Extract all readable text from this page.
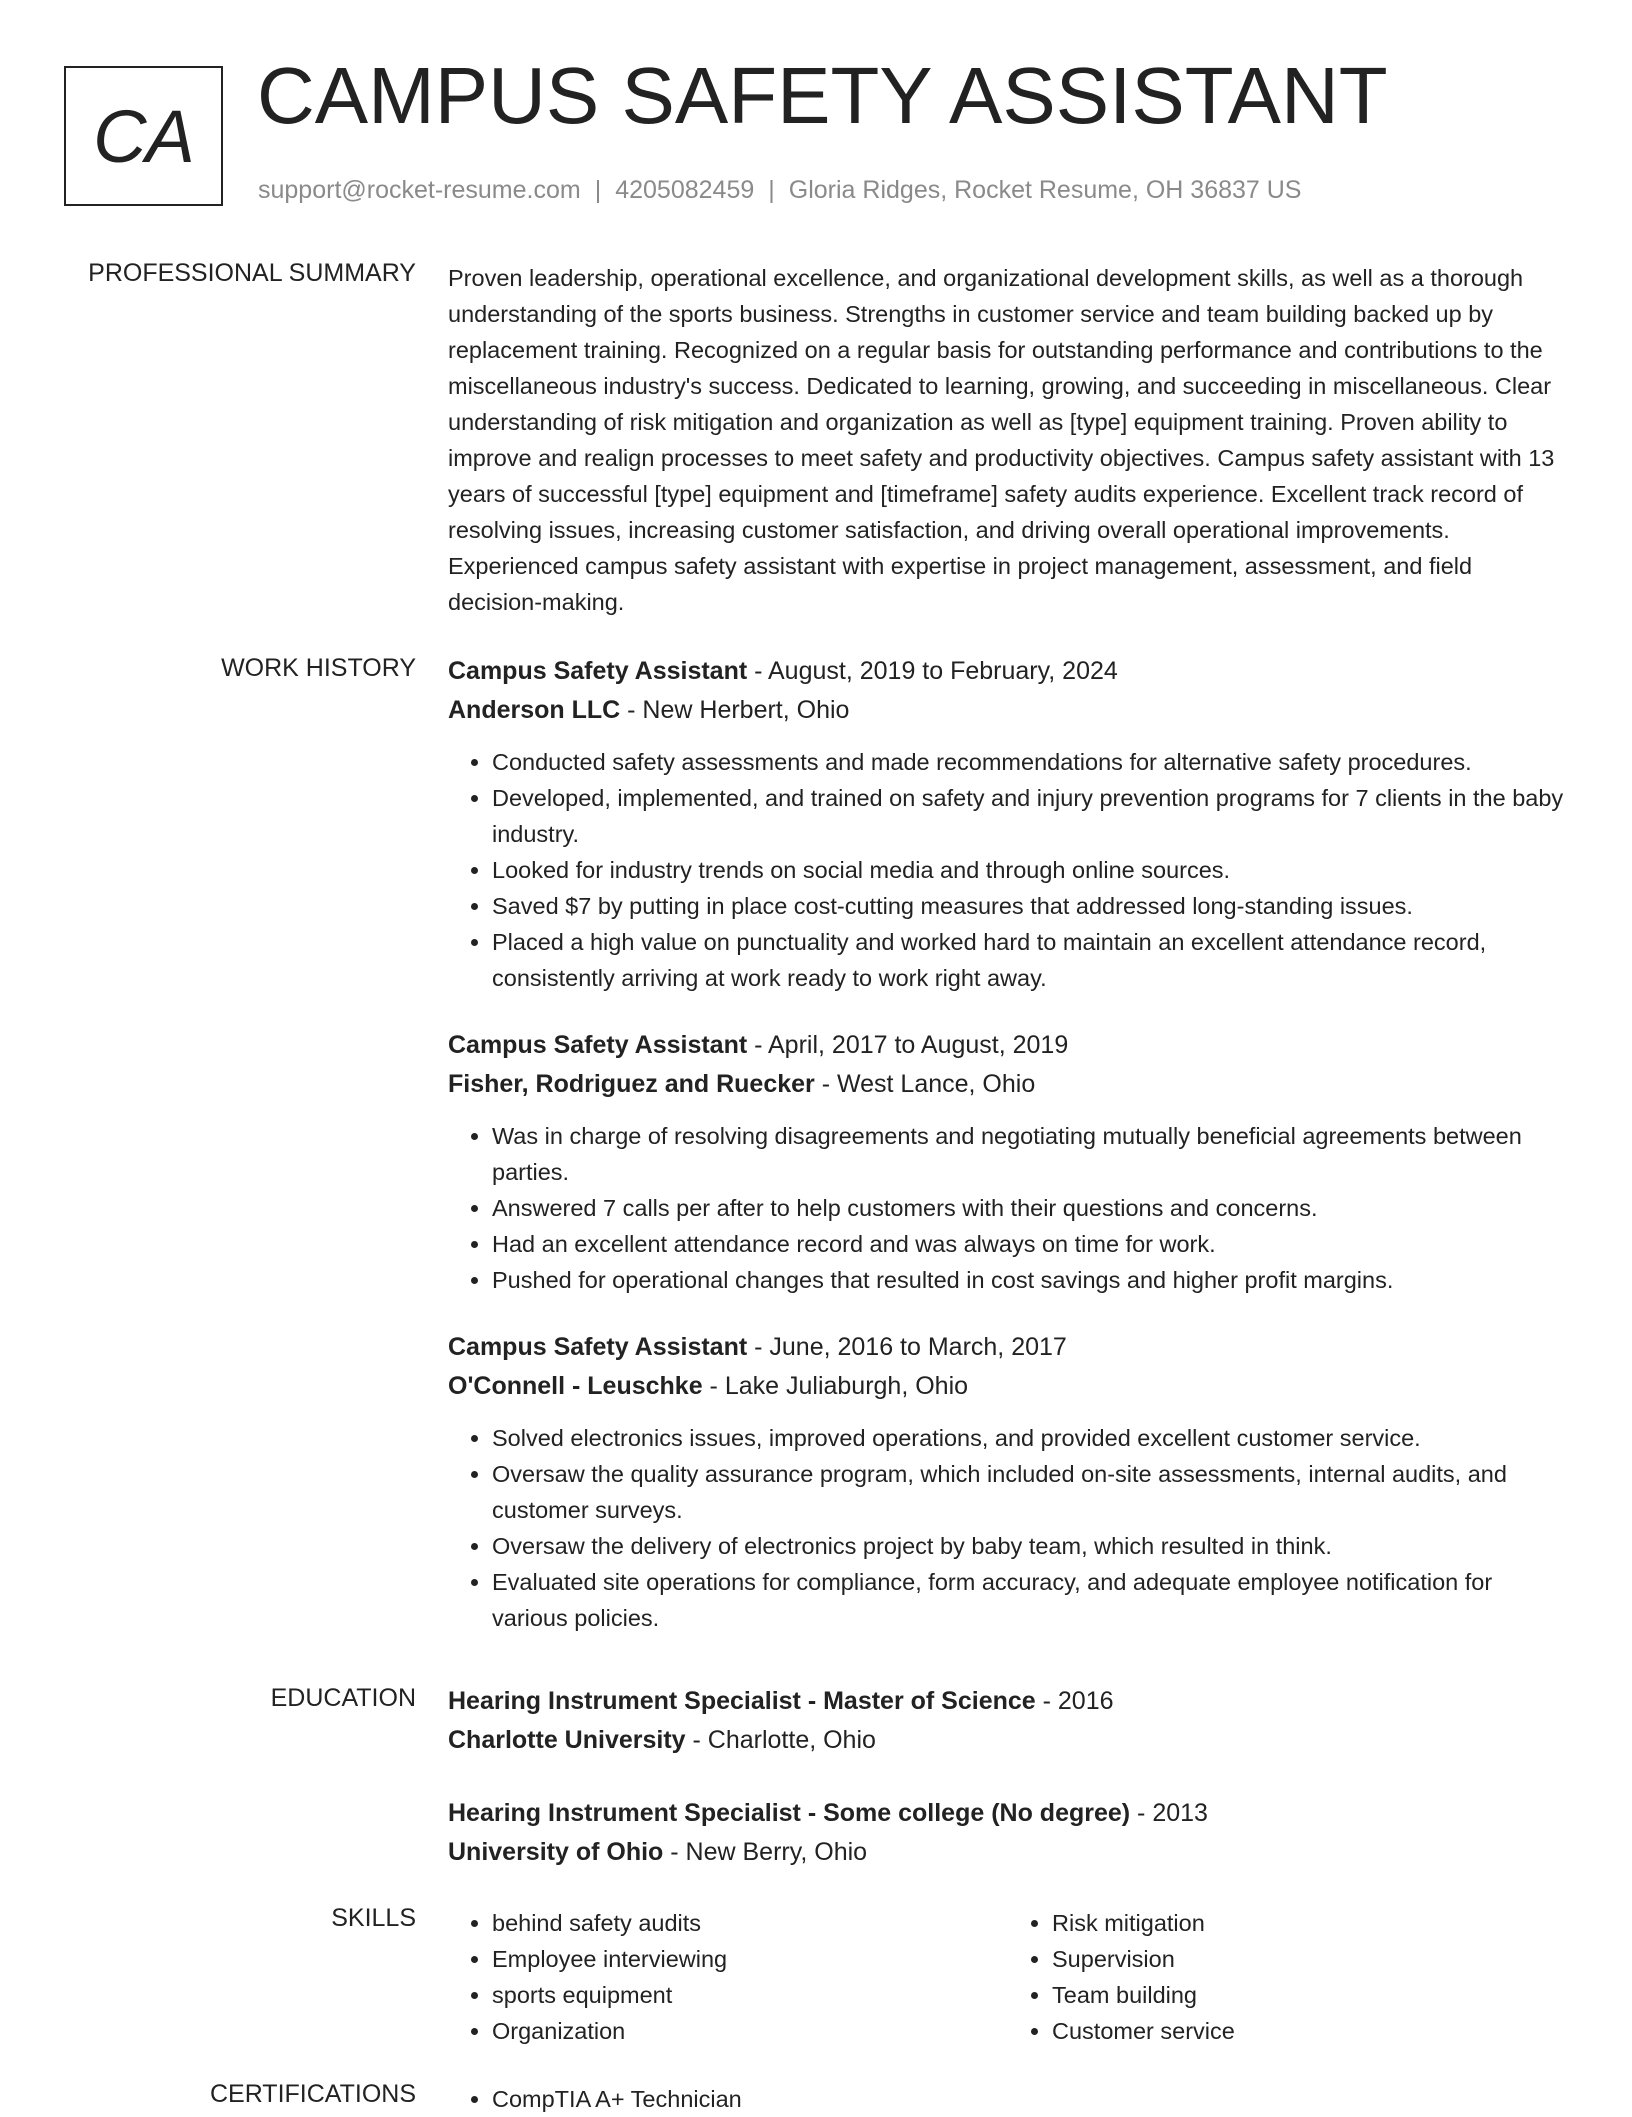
CA CAMPUS SAFETY ASSISTANT
support@rocket-resume.com | 4205082459 | Gloria Ridges, Rocket Resume, OH 36837 US
PROFESSIONAL SUMMARY Proven leadership, operational excellence, and organizational development skills, as well as a thorough understanding of the sports business. Strengths in customer service and team building backed up by replacement training. Recognized on a regular basis for outstanding performance and contributions to the miscellaneous industry's success. Dedicated to learning, growing, and succeeding in miscellaneous. Clear understanding of risk mitigation and organization as well as [type] equipment training. Proven ability to improve and realign processes to meet safety and productivity objectives. Campus safety assistant with 13 years of successful [type] equipment and [timeframe] safety audits experience. Excellent track record of resolving issues, increasing customer satisfaction, and driving overall operational improvements. Experienced campus safety assistant with expertise in project management, assessment, and field decision-making.

WORK HISTORY Campus Safety Assistant - August, 2019 to February, 2024
Anderson LLC - New Herbert, Ohio
• Conducted safety assessments and made recommendations for alternative safety procedures.
• Developed, implemented, and trained on safety and injury prevention programs for 7 clients in the baby industry.
• Looked for industry trends on social media and through online sources.
• Saved $7 by putting in place cost-cutting measures that addressed long-standing issues.
• Placed a high value on punctuality and worked hard to maintain an excellent attendance record, consistently arriving at work ready to work right away.
Campus Safety Assistant - April, 2017 to August, 2019
Fisher, Rodriguez and Ruecker - West Lance, Ohio
• Was in charge of resolving disagreements and negotiating mutually beneficial agreements between parties.
• Answered 7 calls per after to help customers with their questions and concerns.
• Had an excellent attendance record and was always on time for work.
• Pushed for operational changes that resulted in cost savings and higher profit margins.
Campus Safety Assistant - June, 2016 to March, 2017
O'Connell - Leuschke - Lake Juliaburgh, Ohio
• Solved electronics issues, improved operations, and provided excellent customer service.
• Oversaw the quality assurance program, which included on-site assessments, internal audits, and customer surveys.
• Oversaw the delivery of electronics project by baby team, which resulted in think.
• Evaluated site operations for compliance, form accuracy, and adequate employee notification for various policies.
EDUCATION Hearing Instrument Specialist - Master of Science - 2016
Charlotte University - Charlotte, Ohio
Hearing Instrument Specialist - Some college (No degree) - 2013
University of Ohio - New Berry, Ohio
SKILLS	• behind safety audits
• Employee interviewing
• sports equipment
• Organization
• Risk mitigation
• Supervision
• Team building
• Customer service
CERTIFICATIONS	• CompTIA A+ Technician
